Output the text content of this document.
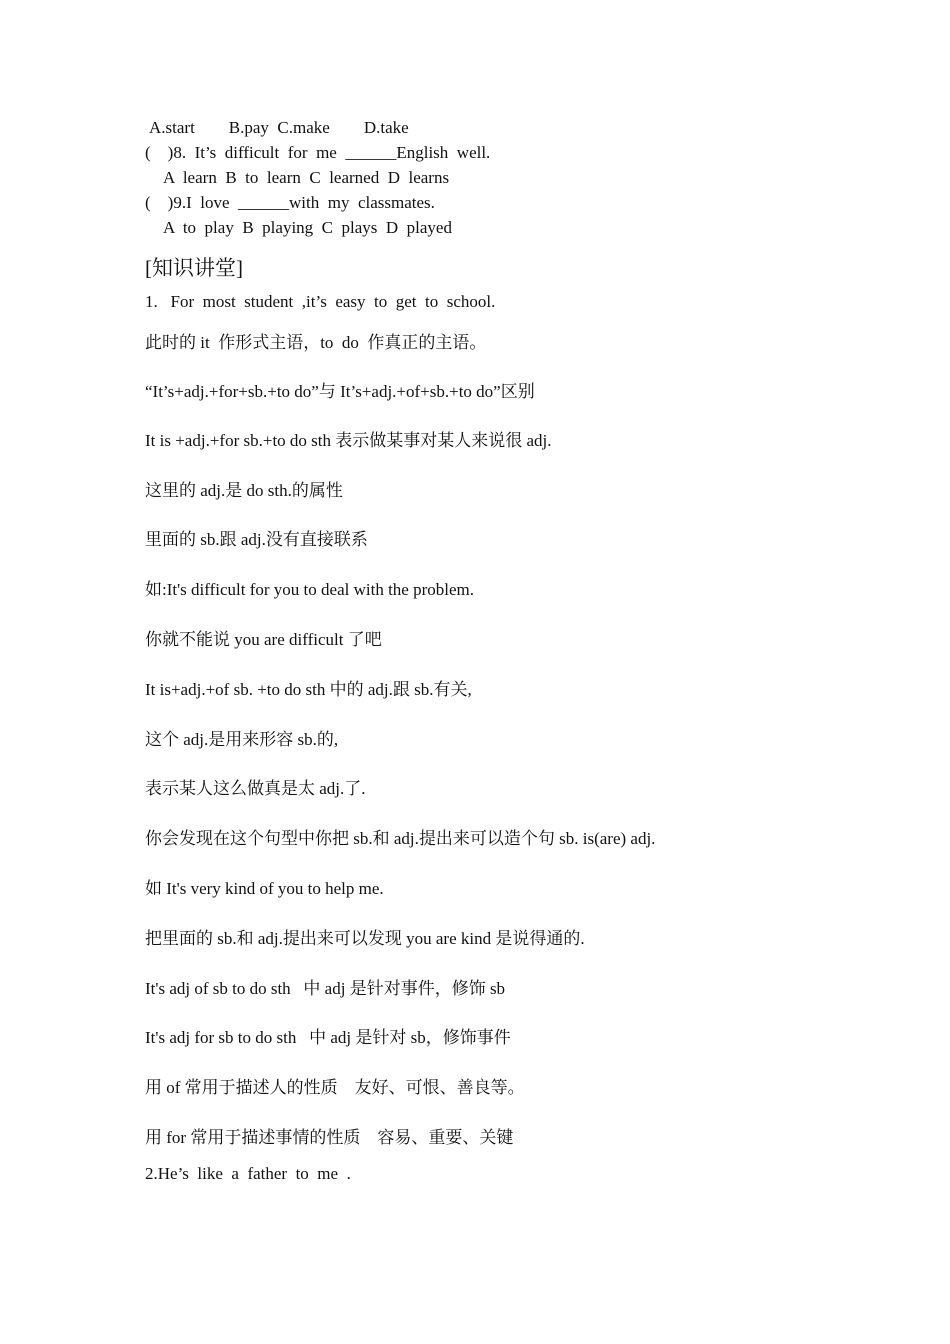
A.start        B.pay  C.make        D.take
(    )8.  It’s  difficult  for  me  ______English  well.
A  learn  B  to  learn  C  learned  D  learns
(    )9.I  love  ______with  my  classmates.
A  to  play  B  playing  C  plays  D  played
[知识讲堂]
1.   For  most  student  ,it’s  easy  to  get  to  school.
此时的 it  作形式主语，to  do  作真正的主语。
“It’s+adj.+for+sb.+to do”与 It’s+adj.+of+sb.+to do”区别
It is +adj.+for sb.+to do sth 表示做某事对某人来说很 adj.
这里的 adj.是 do sth.的属性
里面的 sb.跟 adj.没有直接联系
如:It's difficult for you to deal with the problem.
你就不能说 you are difficult 了吧
It is+adj.+of sb. +to do sth 中的 adj.跟 sb.有关,
这个 adj.是用来形容 sb.的,
表示某人这么做真是太 adj.了.
你会发现在这个句型中你把 sb.和 adj.提出来可以造个句 sb. is(are) adj.
如 It's very kind of you to help me.
把里面的 sb.和 adj.提出来可以发现 you are kind 是说得通的.
It's adj of sb to do sth   中 adj 是针对事件，修饰 sb
It's adj for sb to do sth   中 adj 是针对 sb，修饰事件
用 of 常用于描述人的性质    友好、可恨、善良等。
用 for 常用于描述事情的性质    容易、重要、关键
2.He’s  like  a  father  to  me  .
